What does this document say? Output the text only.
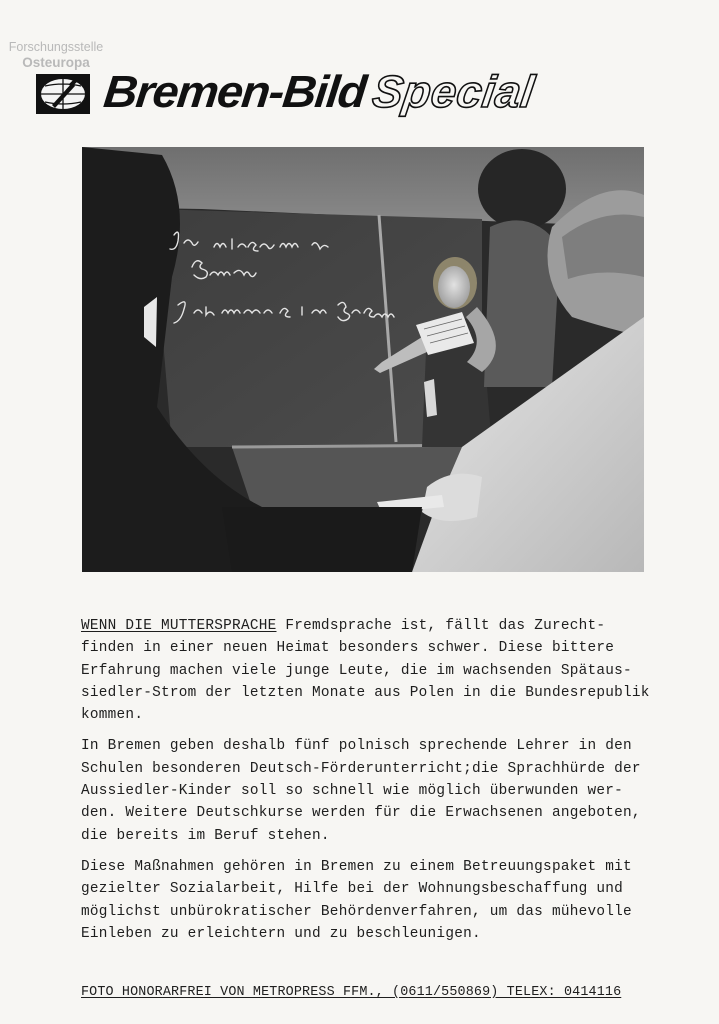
Forschungsstelle
Osteuropa
Bremen-BildSpecial

WENN DIE MUTTERSPRACHE Fremdsprache ist, fällt das Zurecht-
finden in einer neuen Heimat besonders schwer. Diese bittere
Erfahrung machen viele junge Leute, die im wachsenden Spätaus-
siedler-Strom der letzten Monate aus Polen in die Bundesrepublik
kommen.

In Bremen geben deshalb fünf polnisch sprechende Lehrer in den
Schulen besonderen Deutsch-Förderunterricht;die Sprachhürde der
Aussiedler-Kinder soll so schnell wie möglich überwunden wer-
den. Weitere Deutschkurse werden für die Erwachsenen angeboten,
die bereits im Beruf stehen.

Diese Maßnahmen gehören in Bremen zu einem Betreuungspaket mit
gezielter Sozialarbeit, Hilfe bei der Wohnungsbeschaffung und
möglichst unbürokratischer Behördenverfahren, um das mühevolle
Einleben zu erleichtern und zu beschleunigen.

FOTO HONORARFREI VON METROPRESS FFM., (0611/550869) TELEX: 0414116
